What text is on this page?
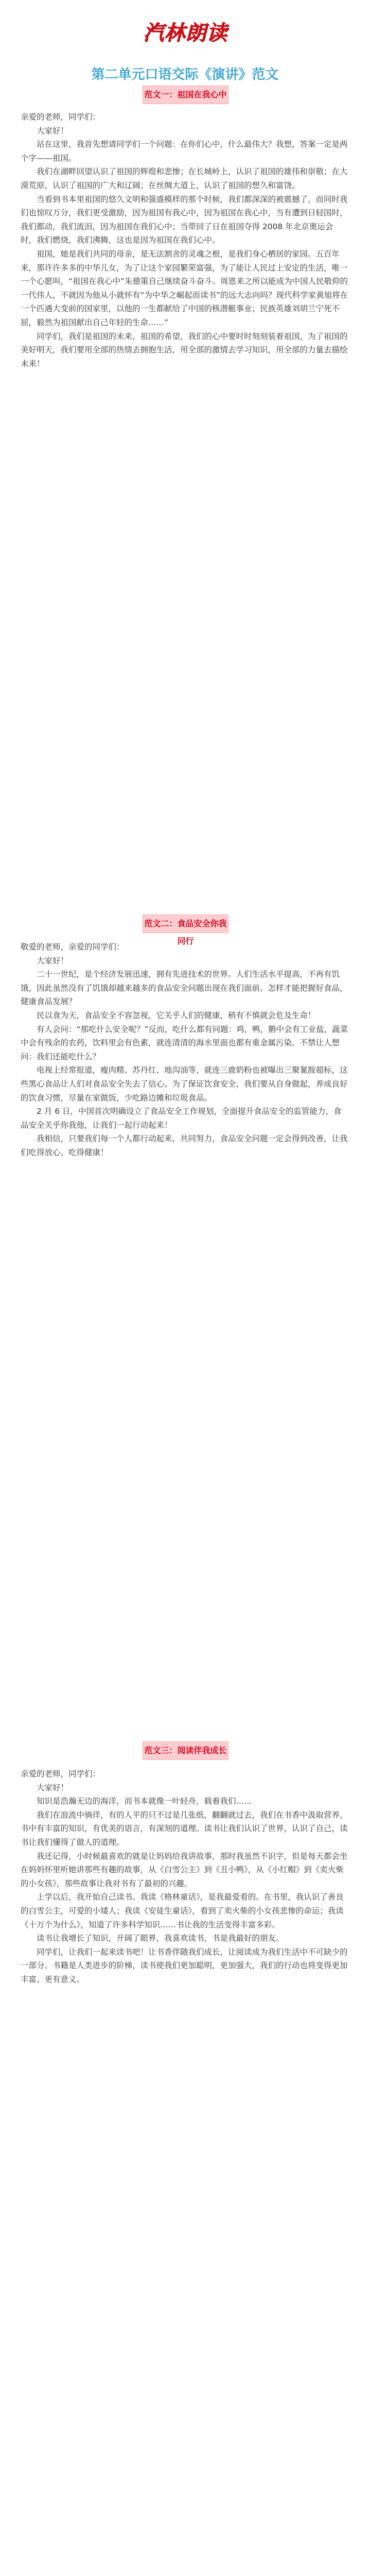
汽林朗读
第二单元口语交际《演讲》范文
范文一：祖国在我心中

亲爱的老师，同学们：

大家好！

站在这里，我首先想请同学们一个问题：在你们心中，什么最伟大？我想，答案一定是两个字——祖国。

我们在湖畔回望认识了祖国的辉煌和悲惨；在长城岭上，认识了祖国的雄伟和崇敬；在大漠荒原，认识了祖国的广大和辽阔；在丝绸大道上，认识了祖国的想久和富饶。

当看到书本里祖国的悠久文明和强盛模样的那个时候，我们都深深的被震撼了，而同时我们也惊叹万分，我们更受激励，因为祖国有我心中，因为祖国在我心中，当有遭到日轻国时，我们都动，我们流泪，因为祖国在我们心中；当带回了日在祖国夺得 2008 年北京奥运会时，我们燃烧，我们沸腾，这也是因为祖国在我们心中。

祖国，她是我们共同的母亲，是无法割舍的灵魂之根，是我们身心栖居的家园。五百年来，那许许多多的中华儿女，为了让这个家园繁荣富强，为了能让人民过上安定的生活，唯一一个心愿叫，“祖国在我心中”朱德策自己继续奋斗奋斗。周恩来之所以能成为中国人民敬仰的一代伟人，不就因为他从小就怀有“为中华之崛起而读书”的远大志向吗？现代科学家黄旭将在一个匹遇大变前的国家里，以他的一生都献给了中国的核潜艇事业；民族英雄刘胡兰宁死不屈，毅然为祖国献出自己年轻的生命……”

同学们，我们是祖国的未来，祖国的希望，我们的心中要时时刻刻装着祖国，为了祖国的美好明天，我们要用全部的热情去拥抱生活，用全部的激情去学习知识，用全部的力量去描绘未来！

范文二：食品安全你我同行

敬爱的老师，亲爱的同学们：

大家好！

二十一世纪，是个经济发展迅速，拥有先进技术的世界。人们生活水平提高，不再有饥饿，因此虽然没有了饥饿却越来越多的食品安全问题出现在我们面前。怎样才能把握好食品，健康食品发展？

民以食为天，食品安全不容忽视，它关乎人们的健康，稍有不慎就会危及生命！

有人会问：“那吃什么安全呢？”反而，吃什么都有问题：鸡，鸭，鹅中会有工业盐，蔬菜中会有残余的农药，饮料里会有色素，就连清清的海水里面也都有重金属污染。不禁让人想问：我们还能吃什么？

电视上经常报道，瘦肉精、苏丹红、地沟油等，就连三鹿奶粉也被曝出三聚氰胺超标，这些黑心食品让人们对食品安全失去了信心。为了保证饮食安全，我们要从自身做起，养成良好的饮食习惯，尽量在家做饭，少吃路边摊和垃圾食品。

2 月 6 日，中国首次明确设立了食品安全工作规划，全面提升食品安全的监管能力，食品安全关乎你我他，让我们一起行动起来！

我相信，只要我们每一个人都行动起来，共同努力，食品安全问题一定会得到改善，让我们吃得放心、吃得健康！

范文三：阅读伴我成长

亲爱的老师，同学们：

大家好！

知识是浩瀚无边的海洋，而书本就像一叶轻舟，载着我们……

我们在浪流中徜徉，有的人平的只不过是几张纸，翻翻就过去，我们在书香中汲取营养，书中有丰富的知识，有优美的语言，有深刻的道理。读书让我们认识了世界，认识了自己，读书让我们懂得了做人的道理。

我还记得，小时候最喜欢的就是让妈妈给我讲故事，那时我虽然不识字，但是每天都会坐在妈妈怀里听她讲那些有趣的故事，从《白雪公主》到《丑小鸭》，从《小红帽》到《卖火柴的小女孩》，那些故事让我对书有了最初的兴趣。

上学以后，我开始自己读书。我读《格林童话》，是我最爱看的。在书里，我认识了善良的白雪公主，可爱的小矮人；我读《安徒生童话》，看到了卖火柴的小女孩悲惨的命运；我读《十万个为什么》，知道了许多科学知识……书让我的生活变得丰富多彩。

读书让我增长了知识，开阔了眼界，我喜欢读书，书是我最好的朋友。

同学们，让我们一起来读书吧！让书香伴随我们成长，让阅读成为我们生活中不可缺少的一部分。书籍是人类进步的阶梯，读书使我们更加聪明，更加强大，我们的行动也将变得更加丰富、更有意义。
